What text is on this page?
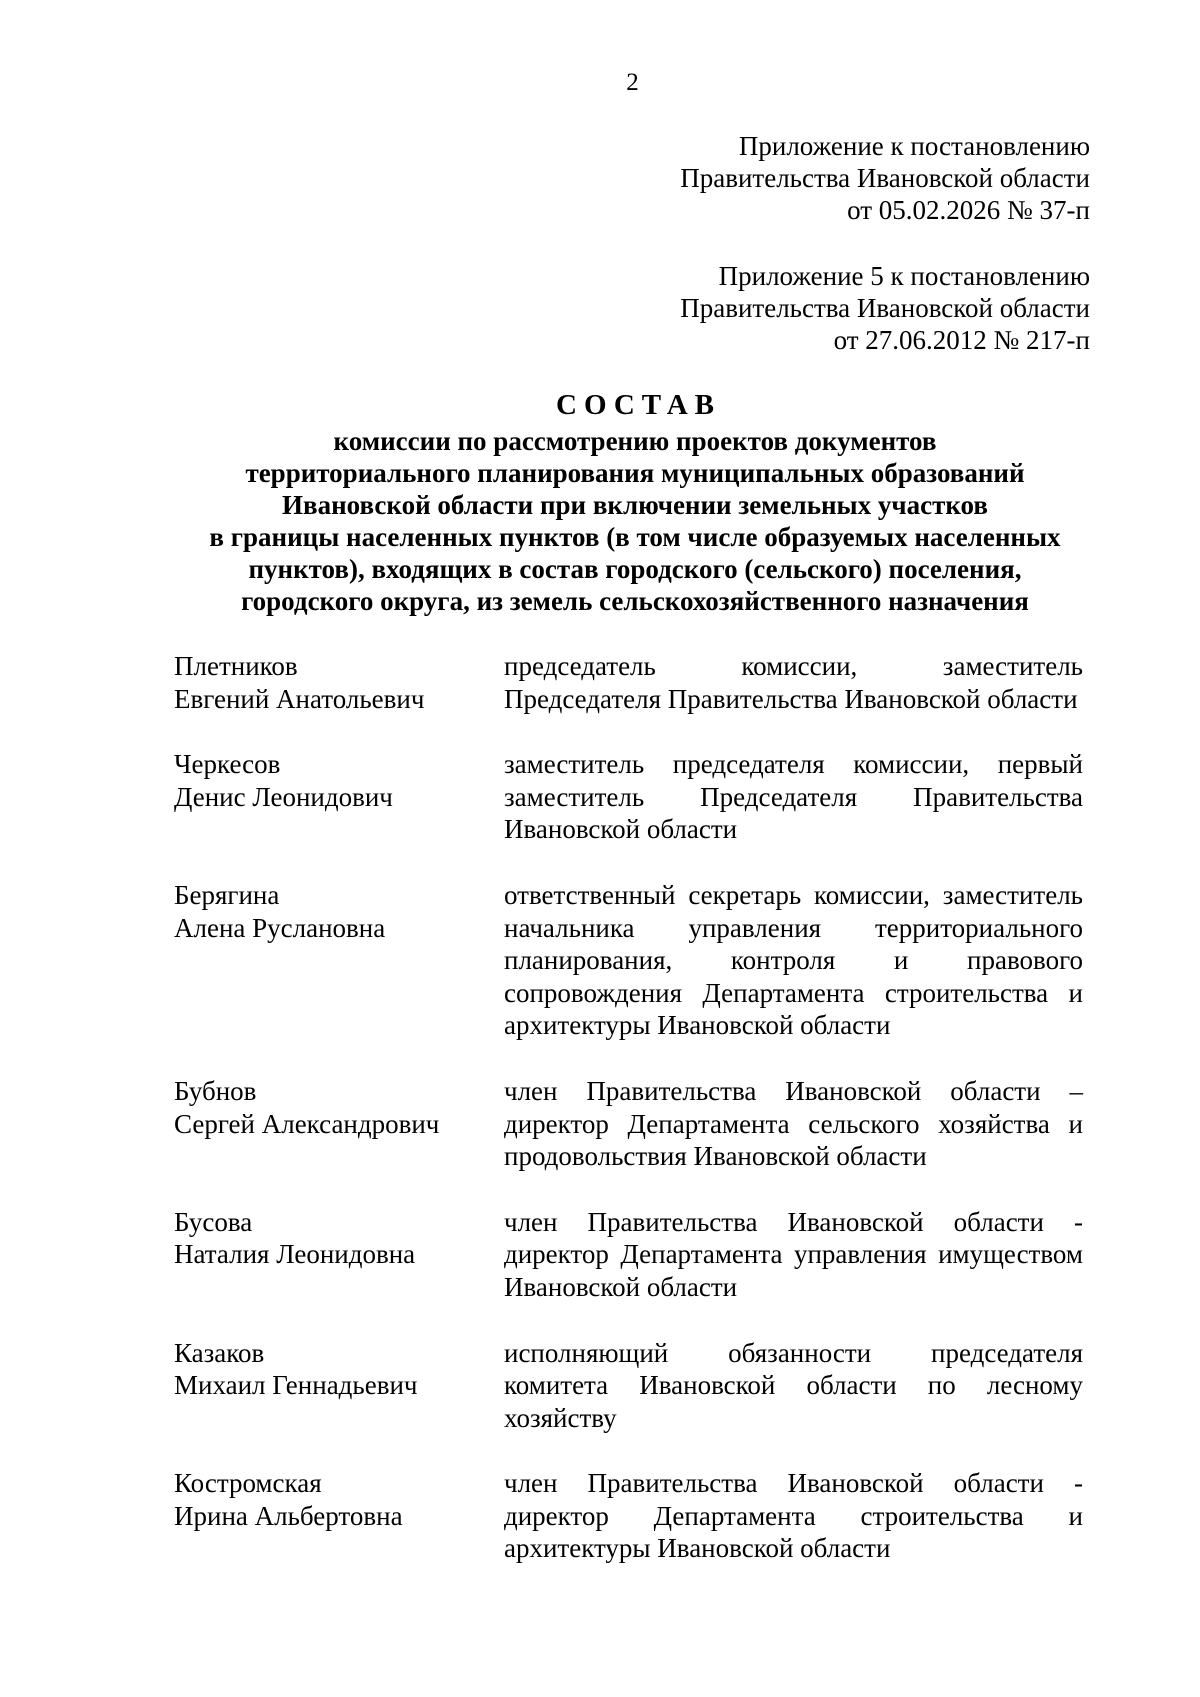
2
Приложение к постановлению
Правительства Ивановской области
от 05.02.2026 № 37-п
Приложение 5 к постановлению
Правительства Ивановской области
от 27.06.2012 № 217-п
СОСТАВ
комиссии по рассмотрению проектов документов
территориального планирования муниципальных образований
Ивановской области при включении земельных участков
в границы населенных пунктов (в том числе образуемых населенных
пунктов), входящих в состав городского (сельского) поселения,
городского округа, из земель сельскохозяйственного назначения
Плетников
Евгений Анатольевич
председатель комиссии, заместитель Председателя Правительства Ивановской области
Черкесов
Денис Леонидович
заместитель председателя комиссии, первый заместитель Председателя Правительства Ивановской области
Берягина
Алена Руслановна
ответственный секретарь комиссии, заместитель начальника управления территориального планирования, контроля и правового сопровождения Департамента строительства и архитектуры Ивановской области
Бубнов
Сергей Александрович
член Правительства Ивановской области – директор Департамента сельского хозяйства и продовольствия Ивановской области
Бусова
Наталия Леонидовна
член Правительства Ивановской области - директор Департамента управления имуществом Ивановской области
Казаков
Михаил Геннадьевич
исполняющий обязанности председателя комитета Ивановской области по лесному хозяйству
Костромская
Ирина Альбертовна
член Правительства Ивановской области - директор Департамента строительства и архитектуры Ивановской области
